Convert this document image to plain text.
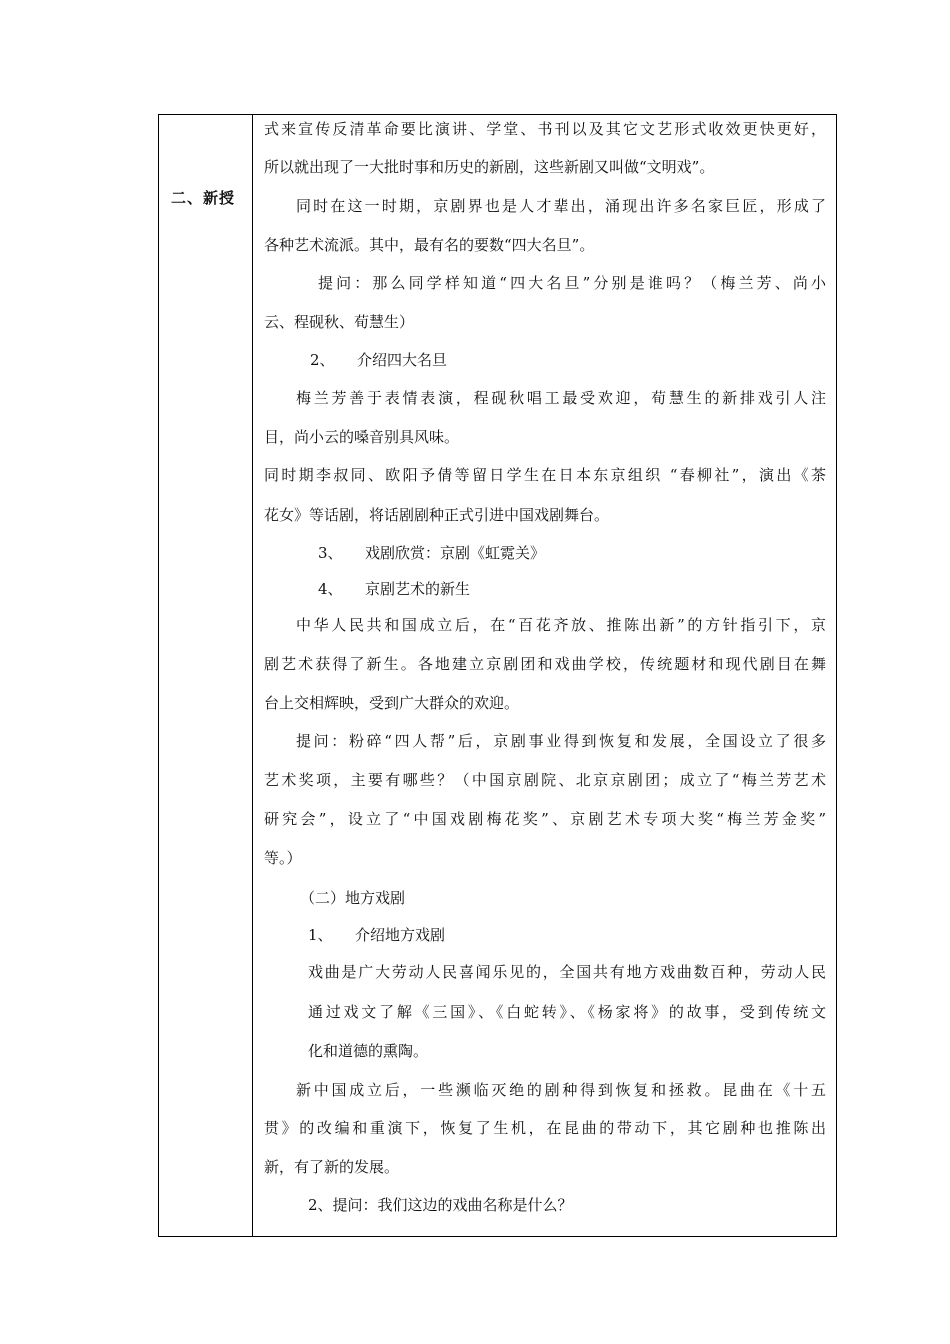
二、新授
式来宣传反清革命要比演讲、学堂、书刊以及其它文艺形式收效更快更好，
所以就出现了一大批时事和历史的新剧，这些新剧又叫做“文明戏”。
同时在这一时期，京剧界也是人才辈出，涌现出许多名家巨匠，形成了
各种艺术流派。其中，最有名的要数“四大名旦”。
提问：那么同学样知道“四大名旦”分别是谁吗？（梅兰芳、尚小
云、程砚秋、荀慧生）
2、　　介绍四大名旦
梅兰芳善于表情表演，程砚秋唱工最受欢迎，荀慧生的新排戏引人注
目，尚小云的嗓音别具风味。
同时期李叔同、欧阳予倩等留日学生在日本东京组织 “春柳社”，演出《茶
花女》等话剧，将话剧剧种正式引进中国戏剧舞台。
3、　　戏剧欣赏：京剧《虹霓关》
4、　　京剧艺术的新生
中华人民共和国成立后，在“百花齐放、推陈出新”的方针指引下，京
剧艺术获得了新生。各地建立京剧团和戏曲学校，传统题材和现代剧目在舞
台上交相辉映，受到广大群众的欢迎。
提问：粉碎“四人帮”后，京剧事业得到恢复和发展，全国设立了很多
艺术奖项，主要有哪些？（中国京剧院、北京京剧团；成立了“梅兰芳艺术
研究会”，设立了“中国戏剧梅花奖”、京剧艺术专项大奖“梅兰芳金奖”
等。）
（二）地方戏剧
1、　　介绍地方戏剧
戏曲是广大劳动人民喜闻乐见的，全国共有地方戏曲数百种，劳动人民
通过戏文了解《三国》、《白蛇转》、《杨家将》的故事，受到传统文
化和道德的熏陶。
新中国成立后，一些濒临灭绝的剧种得到恢复和拯救。昆曲在《十五
贯》的改编和重演下，恢复了生机，在昆曲的带动下，其它剧种也推陈出
新，有了新的发展。
2、提问：我们这边的戏曲名称是什么？
